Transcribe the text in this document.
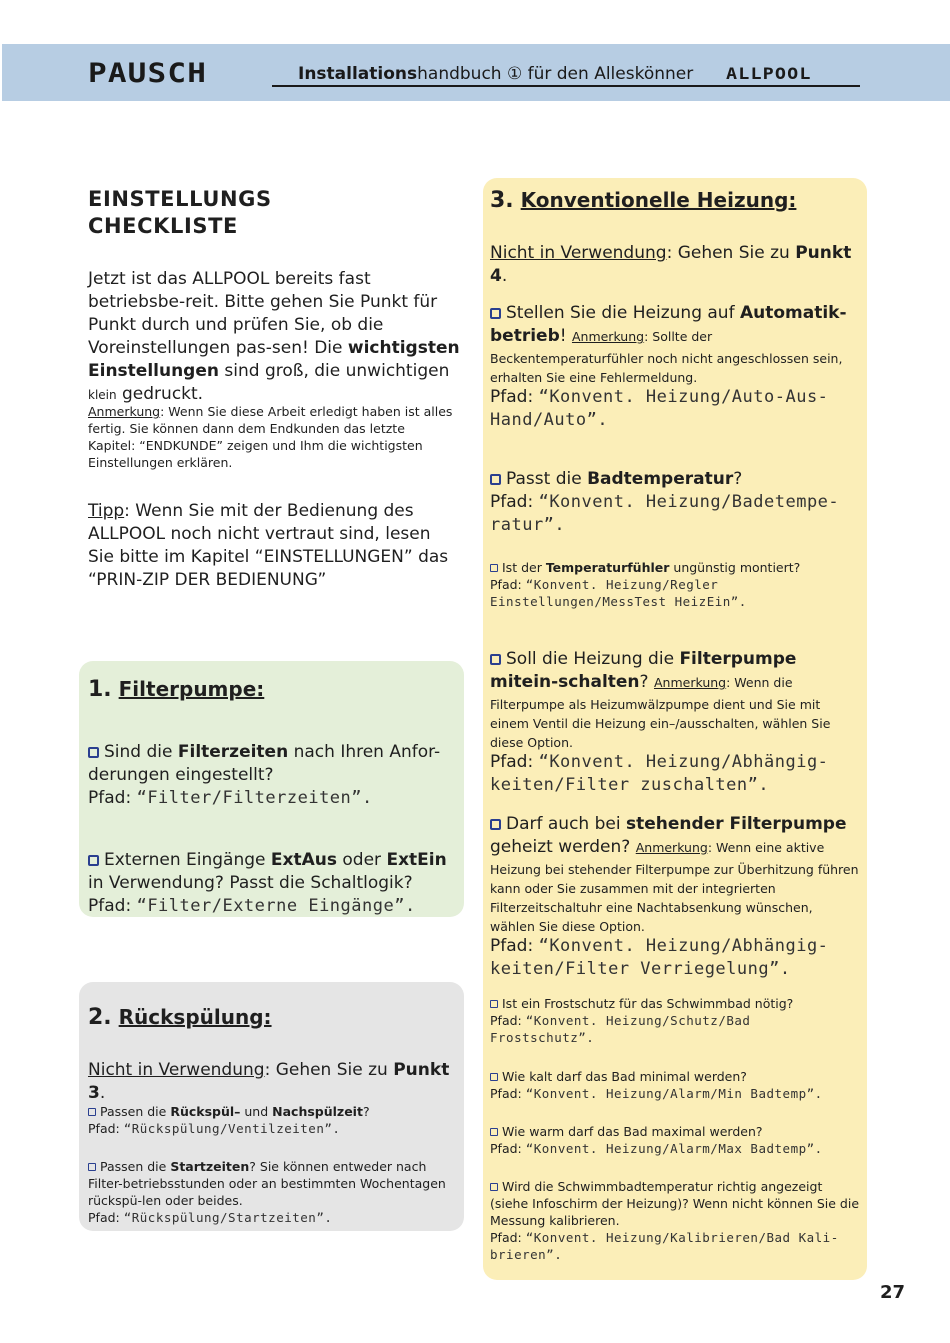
PAUSCH	Installationshandbuch ① für den Alleskönner ALLPOOL
EINSTELLUNGS
CHECKLISTE
Jetzt ist das ALLPOOL bereits fast betriebsbe-reit. Bitte gehen Sie Punkt für Punkt durch und prüfen Sie, ob die Voreinstellungen pas-sen! Die wichtigsten Einstellungen sind groß, die unwichtigen klein gedruckt.
Anmerkung: Wenn Sie diese Arbeit erledigt haben ist alles fertig. Sie können dann dem Endkunden das letzte Kapitel: “ENDKUNDE” zeigen und Ihm die wichtigsten Einstellungen erklären.
Tipp: Wenn Sie mit der Bedienung des ALLPOOL noch nicht vertraut sind, lesen Sie bitte im Kapitel “EINSTELLUNGEN” das “PRIN-ZIP DER BEDIENUNG”
1. Filterpumpe:
Sind die Filterzeiten nach Ihren Anfor-derungen eingestellt?
Pfad: “Filter/Filterzeiten”.
Externen Eingänge ExtAus oder ExtEin in Verwendung? Passt die Schaltlogik?
Pfad: “Filter/Externe Eingänge”.
2. Rückspülung:
Nicht in Verwendung: Gehen Sie zu Punkt 3.
Passen die Rückspül– und Nachspülzeit?
Pfad: “Rückspülung/Ventilzeiten”.
Passen die Startzeiten? Sie können entweder nach Filter-betriebsstunden oder an bestimmten Wochentagen rückspü-len oder beides.
Pfad: “Rückspülung/Startzeiten”.
3. Konventionelle Heizung:
Nicht in Verwendung: Gehen Sie zu Punkt 4.
Stellen Sie die Heizung auf Automatik-betrieb! Anmerkung: Sollte der Beckentemperaturfühler noch nicht angeschlossen sein, erhalten Sie eine Fehlermeldung.
Pfad: “Konvent. Heizung/Auto-Aus-Hand/Auto”.
Passt die Badtemperatur?
Pfad: “Konvent. Heizung/Badetempe-ratur”.
Ist der Temperaturfühler ungünstig montiert?
Pfad: “Konvent. Heizung/Regler Einstellungen/MessTest HeizEin”.
Soll die Heizung die Filterpumpe mitein-schalten? Anmerkung: Wenn die Filterpumpe als Heizumwälzpumpe dient und Sie mit einem Ventil die Heizung ein–/ausschalten, wählen Sie diese Option.
Pfad: “Konvent. Heizung/Abhängig-keiten/Filter zuschalten”.
Darf auch bei stehender Filterpumpe geheizt werden? Anmerkung: Wenn eine aktive Heizung bei stehender Filterpumpe zur Überhitzung führen kann oder Sie zusammen mit der integrierten Filterzeitschaltuhr eine Nachtabsenkung wünschen, wählen Sie diese Option.
Pfad: “Konvent. Heizung/Abhängig-keiten/Filter Verriegelung”.
Ist ein Frostschutz für das Schwimmbad nötig?
Pfad: “Konvent. Heizung/Schutz/Bad Frostschutz”.
Wie kalt darf das Bad minimal werden?
Pfad: “Konvent. Heizung/Alarm/Min Badtemp”.
Wie warm darf das Bad maximal werden?
Pfad: “Konvent. Heizung/Alarm/Max Badtemp”.
Wird die Schwimmbadtemperatur richtig angezeigt (siehe Infoschirm der Heizung)? Wenn nicht können Sie die Messung kalibrieren.
Pfad: “Konvent. Heizung/Kalibrieren/Bad Kali-brieren”.
27
